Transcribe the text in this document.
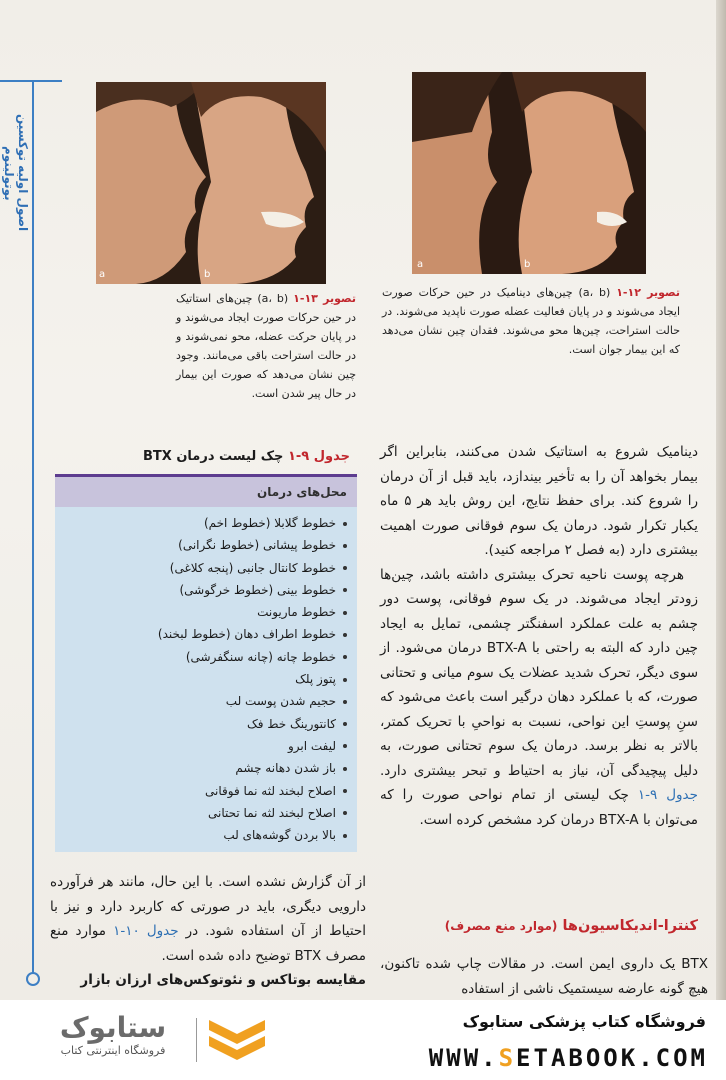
اصول اولیه توکسین بوتولینوم
a	b
a	b
تصویر ۱۲-۱ (a، b) چین‌های دینامیک در حین حرکات صورت ایجاد می‌شوند و در پایان فعالیت عضله صورت ناپدید می‌شوند. در حالت استراحت، چین‌ها محو می‌شوند. فقدان چین نشان می‌دهد که این بیمار جوان است.
تصویر ۱۳-۱ (a، b) چین‌های استاتیک در حین حرکات صورت ایجاد می‌شوند و در پایان حرکت عضله، محو نمی‌شوند و در حالت استراحت باقی می‌مانند. وجود چین نشان می‌دهد که صورت این بیمار در حال پیر شدن است.

دینامیک شروع به استاتیک شدن می‌کنند، بنابراین اگر بیمار بخواهد آن را به تأخیر بیندازد، باید قبل از آن درمان را شروع کند. برای حفظ نتایج، این روش باید هر ۵ ماه یکبار تکرار شود. درمان یک سوم فوقانی صورت اهمیت بیشتری دارد (به فصل ۲ مراجعه کنید).

هرچه پوست ناحیه تحرک بیشتری داشته باشد، چین‌ها زودتر ایجاد می‌شوند. در یک سوم فوقانی، پوست دور چشم به علت عملکرد اسفنگتر چشمی، تمایل به ایجاد چین دارد که البته به راحتی با BTX-A درمان می‌شود. از سوی دیگر، تحرک شدید عضلات یک سوم میانی و تحتانی صورت، که با عملکرد دهان درگیر است باعث می‌شود که سنِ پوستِ این نواحی، نسبت به نواحیِ با تحریک کمتر، بالاتر به نظر برسد. درمان یک سوم تحتانی صورت، به دلیل پیچیدگی آن، نیاز به احتیاط و تبحر بیشتری دارد. جدول ۹-۱ چک لیستی از تمام نواحی صورت را که می‌توان با BTX-A درمان کرد مشخص کرده است.

کنترا-اندیکاسیون‌ها (موارد منع مصرف)
BTX یک داروی ایمن است. در مقالات چاپ شده تاکنون، هیچ گونه عارضه سیستمیک ناشی از استفاده
جدول ۹-۱ چک لیست درمان BTX
محل‌های درمان
خطوط گلابلا (خطوط اخم)
خطوط پیشانی (خطوط نگرانی)
خطوط کانتال جانبی (پنجه کلاغی)
خطوط بینی (خطوط خرگوشی)
خطوط ماریونت
خطوط اطراف دهان (خطوط لبخند)
خطوط چانه (چانه سنگفرشی)
پتوز پلک
حجیم شدن پوست لب
کانتورینگ خط فک
لیفت ابرو
باز شدن دهانه چشم
اصلاح لبخند لثه نما فوقانی
اصلاح لبخند لثه نما تحتانی
بالا بردن گوشه‌های لب

از آن گزارش نشده است. با این حال، مانند هر فرآورده دارویی دیگری، باید در صورتی که کاربرد دارد و نیز با احتیاط از آن استفاده شود. در جدول ۱۰-۱ موارد منع مصرف BTX توضیح داده شده است.

مقایسه بوتاکس و نئوتوکس‌های ارزان بازار

فروشگاه کتاب پزشکی ستابوک
WWW.SETABOOK.COM
ستابوک
فروشگاه اینترنتی کتاب
